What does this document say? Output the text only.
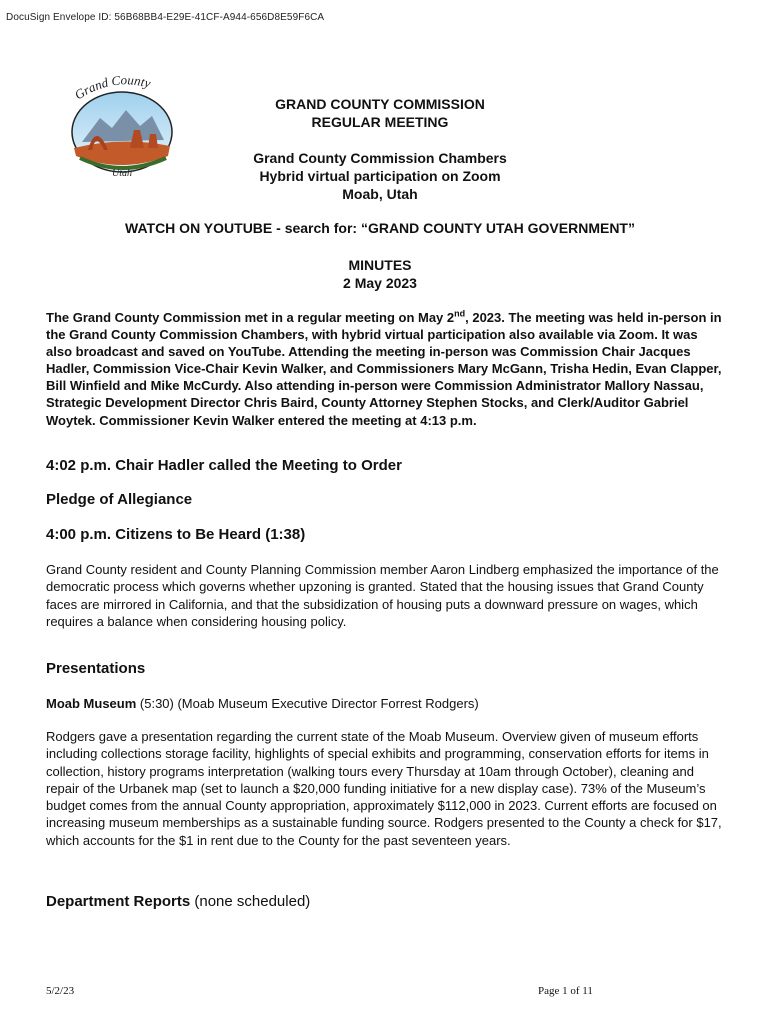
DocuSign Envelope ID: 56B68BB4-E29E-41CF-A944-656D8E59F6CA
Grand County
Utah
GRAND COUNTY COMMISSION
REGULAR MEETING
Grand County Commission Chambers
Hybrid virtual participation on Zoom
Moab, Utah
WATCH ON YOUTUBE - search for: “GRAND COUNTY UTAH GOVERNMENT”
MINUTES
2 May 2023
The Grand County Commission met in a regular meeting on May 2nd, 2023. The meeting was held in-person in the Grand County Commission Chambers, with hybrid virtual participation also available via Zoom. It was also broadcast and saved on YouTube. Attending the meeting in-person was Commission Chair Jacques Hadler, Commission Vice-Chair Kevin Walker, and Commissioners Mary McGann, Trisha Hedin, Evan Clapper, Bill Winfield and Mike McCurdy. Also attending in-person were Commission Administrator Mallory Nassau, Strategic Development Director Chris Baird, County Attorney Stephen Stocks, and Clerk/Auditor Gabriel Woytek. Commissioner Kevin Walker entered the meeting at 4:13 p.m.
4:02 p.m. Chair Hadler called the Meeting to Order
Pledge of Allegiance
4:00 p.m. Citizens to Be Heard (1:38)
Grand County resident and County Planning Commission member Aaron Lindberg emphasized the importance of the democratic process which governs whether upzoning is granted. Stated that the housing issues that Grand County faces are mirrored in California, and that the subsidization of housing puts a downward pressure on wages, which requires a balance when considering housing policy.
Presentations
Moab Museum (5:30) (Moab Museum Executive Director Forrest Rodgers)
Rodgers gave a presentation regarding the current state of the Moab Museum. Overview given of museum efforts including collections storage facility, highlights of special exhibits and programming, conservation efforts for items in collection, history programs interpretation (walking tours every Thursday at 10am through October), cleaning and repair of the Urbanek map (set to launch a $20,000 funding initiative for a new display case). 73% of the Museum’s budget comes from the annual County appropriation, approximately $112,000 in 2023. Current efforts are focused on increasing museum memberships as a sustainable funding source. Rodgers presented to the County a check for $17, which accounts for the $1 in rent due to the County for the past seventeen years.
Department Reports (none scheduled)
5/2/23	Page 1 of 11
